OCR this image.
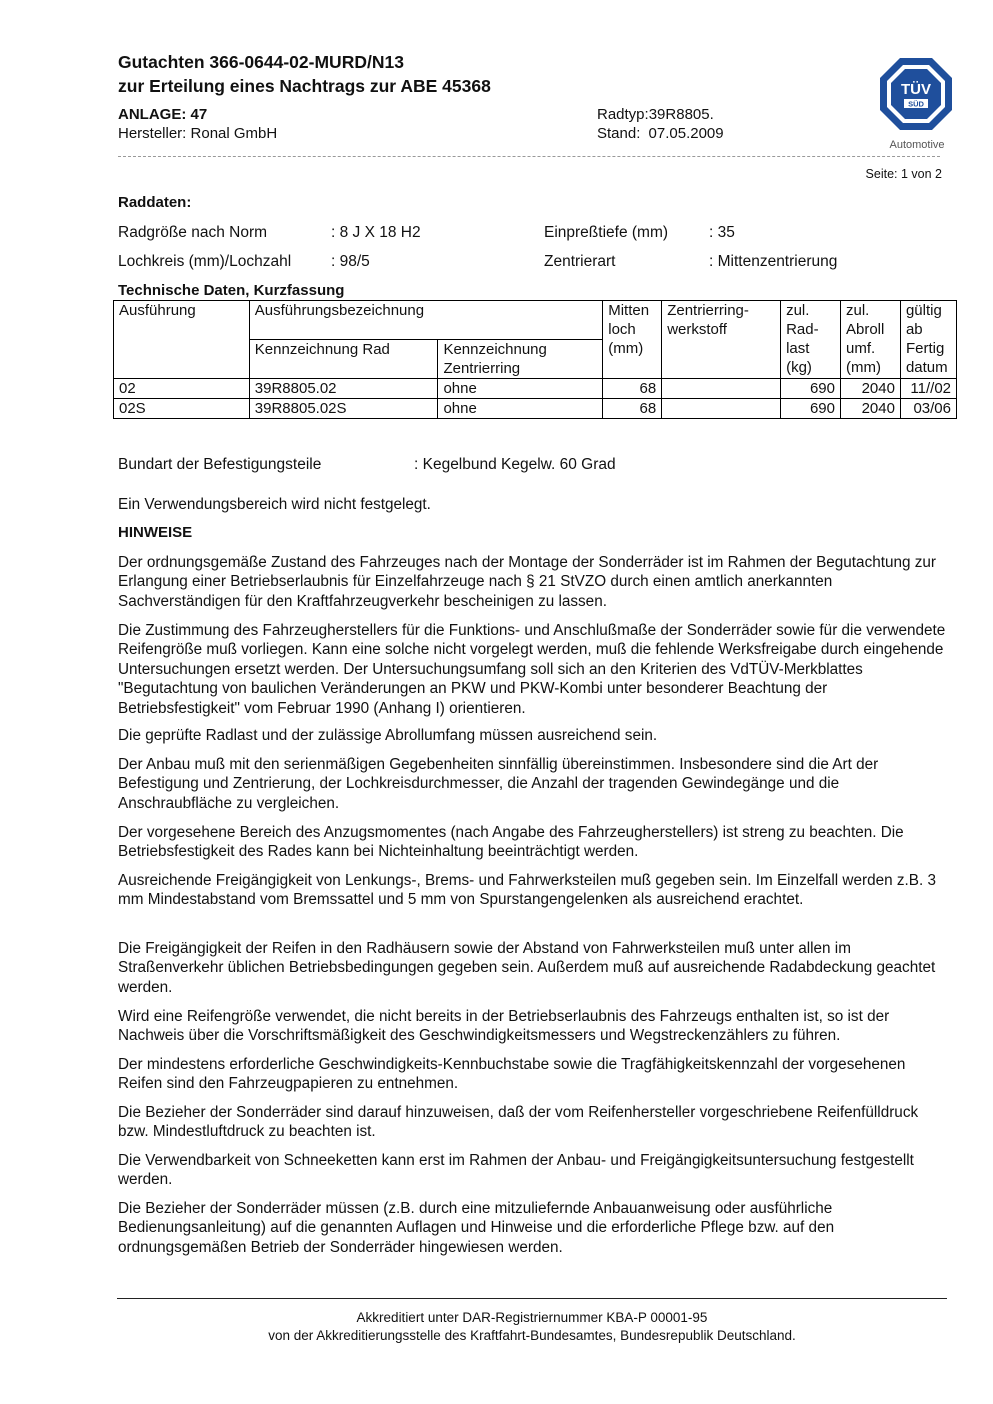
Gutachten 366-0644-02-MURD/N13
zur Erteilung eines Nachtrags zur ABE 45368
ANLAGE: 47
Hersteller: Ronal GmbH
Radtyp:39R8805.
Stand: 07.05.2009
TÜV
SÜD
Automotive
Seite: 1 von 2
Raddaten:
Radgröße nach Norm	: 8 J X 18 H2	Einpreßtiefe (mm)	: 35
Lochkreis (mm)/Lochzahl	: 98/5	Zentrierart	: Mittenzentrierung
Technische Daten, Kurzfassung
Ausführung	Ausführungsbezeichnung		Mitten loch (mm)	Zentrierring- werkstoff	zul. Rad- last (kg)	zul. Abroll umf. (mm)	gültig ab Fertig datum
	Kennzeichnung Rad	Kennzeichnung Zentrierring					
02	39R8805.02	ohne	68		690	2040	11//02
02S	39R8805.02S	ohne	68		690	2040	03/06
Bundart der Befestigungsteile	: Kegelbund Kegelw. 60 Grad
Ein Verwendungsbereich wird nicht festgelegt.
HINWEISE
Der ordnungsgemäße Zustand des Fahrzeuges nach der Montage der Sonderräder ist im Rahmen der Begutachtung zur Erlangung einer Betriebserlaubnis für Einzelfahrzeuge nach § 21 StVZO durch einen amtlich anerkannten Sachverständigen für den Kraftfahrzeugverkehr bescheinigen zu lassen.
Die Zustimmung des Fahrzeugherstellers für die Funktions- und Anschlußmaße der Sonderräder sowie für die verwendete Reifengröße muß vorliegen. Kann eine solche nicht vorgelegt werden, muß die fehlende Werksfreigabe durch eingehende Untersuchungen ersetzt werden. Der Untersuchungsumfang soll sich an den Kriterien des VdTÜV-Merkblattes "Begutachtung von baulichen Veränderungen an PKW und PKW-Kombi unter besonderer Beachtung der Betriebsfestigkeit" vom Februar 1990 (Anhang I) orientieren.
Die geprüfte Radlast und der zulässige Abrollumfang müssen ausreichend sein.
Der Anbau muß mit den serienmäßigen Gegebenheiten sinnfällig übereinstimmen. Insbesondere sind die Art der Befestigung und Zentrierung, der Lochkreisdurchmesser, die Anzahl der tragenden Gewindegänge und die Anschraubfläche zu vergleichen.
Der vorgesehene Bereich des Anzugsmomentes (nach Angabe des Fahrzeugherstellers) ist streng zu beachten. Die Betriebsfestigkeit des Rades kann bei Nichteinhaltung beeinträchtigt werden.
Ausreichende Freigängigkeit von Lenkungs-, Brems- und Fahrwerksteilen muß gegeben sein. Im Einzelfall werden z.B. 3 mm Mindestabstand vom Bremssattel und 5 mm von Spurstangengelenken als ausreichend erachtet.
Die Freigängigkeit der Reifen in den Radhäusern sowie der Abstand von Fahrwerksteilen muß unter allen im Straßenverkehr üblichen Betriebsbedingungen gegeben sein. Außerdem muß auf ausreichende Radabdeckung geachtet werden.
Wird eine Reifengröße verwendet, die nicht bereits in der Betriebserlaubnis des Fahrzeugs enthalten ist, so ist der Nachweis über die Vorschriftsmäßigkeit des Geschwindigkeitsmessers und Wegstreckenzählers zu führen.
Der mindestens erforderliche Geschwindigkeits-Kennbuchstabe sowie die Tragfähigkeitskennzahl der vorgesehenen Reifen sind den Fahrzeugpapieren zu entnehmen.
Die Bezieher der Sonderräder sind darauf hinzuweisen, daß der vom Reifenhersteller vorgeschriebene Reifenfülldruck bzw. Mindestluftdruck zu beachten ist.
Die Verwendbarkeit von Schneeketten kann erst im Rahmen der Anbau- und Freigängigkeitsuntersuchung festgestellt werden.
Die Bezieher der Sonderräder müssen (z.B. durch eine mitzuliefernde Anbauanweisung oder ausführliche Bedienungsanleitung) auf die genannten Auflagen und Hinweise und die erforderliche Pflege bzw. auf den ordnungsgemäßen Betrieb der Sonderräder hingewiesen werden.
Akkreditiert unter DAR-Registriernummer KBA-P 00001-95
von der Akkreditierungsstelle des Kraftfahrt-Bundesamtes, Bundesrepublik Deutschland.
